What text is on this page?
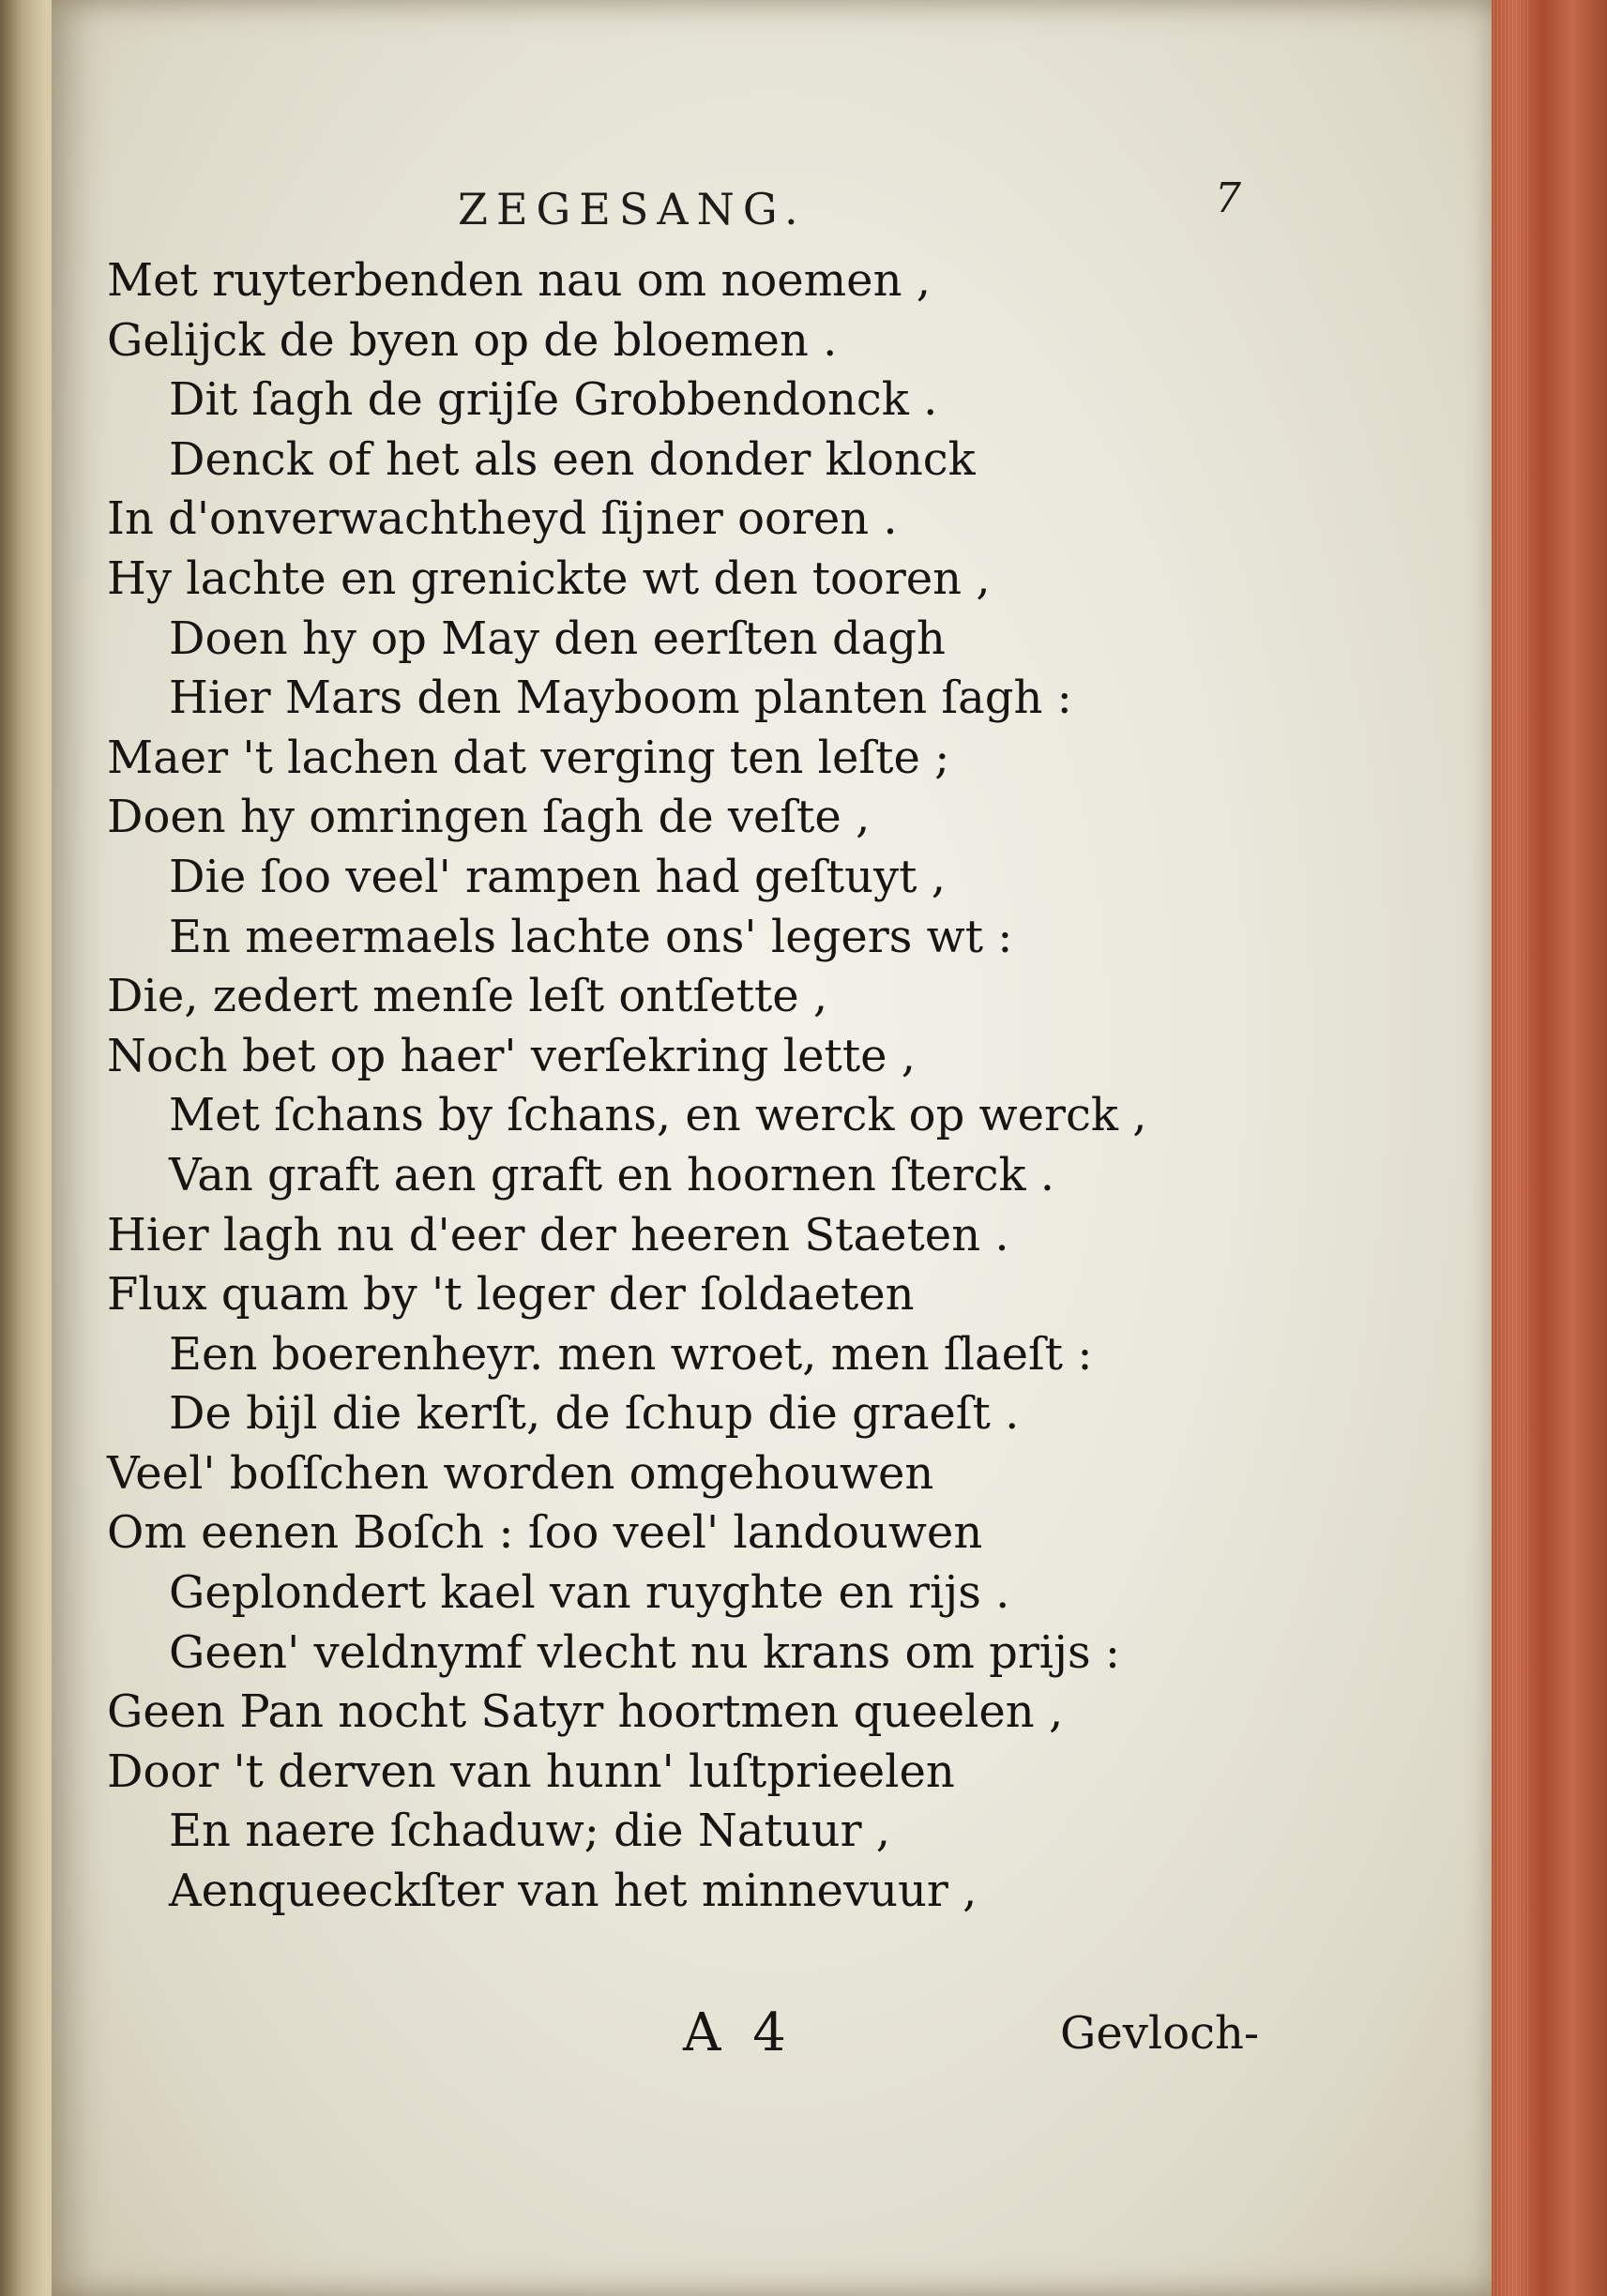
ZEGESANG.	7
Met ruyterbenden nau om noemen ,
Gelijck de byen op de bloemen .
Dit ſagh de grijſe Grobbendonck .
Denck of het als een donder klonck
In d'onverwachtheyd ſijner ooren .
Hy lachte en grenickte wt den tooren ,
Doen hy op May den eerſten dagh
Hier Mars den Mayboom planten ſagh :
Maer 't lachen dat verging ten leſte ;
Doen hy omringen ſagh de veſte ,
Die ſoo veel' rampen had geſtuyt ,
En meermaels lachte ons' legers wt :
Die, zedert menſe leſt ontſette ,
Noch bet op haer' verſekring lette ,
Met ſchans by ſchans, en werck op werck ,
Van graft aen graft en hoornen ſterck .
Hier lagh nu d'eer der heeren Staeten .
Flux quam by 't leger der ſoldaeten
Een boerenheyr. men wroet, men ſlaeſt :
De bijl die kerſt, de ſchup die graeſt .
Veel' boſſchen worden omgehouwen
Om eenen Boſch : ſoo veel' landouwen
Geplondert kael van ruyghte en rijs .
Geen' veldnymf vlecht nu krans om prijs :
Geen Pan nocht Satyr hoortmen queelen ,
Door 't derven van hunn' luſtprieelen
En naere ſchaduw; die Natuur ,
Aenqueeckſter van het minnevuur ,
A 4	Gevloch-
